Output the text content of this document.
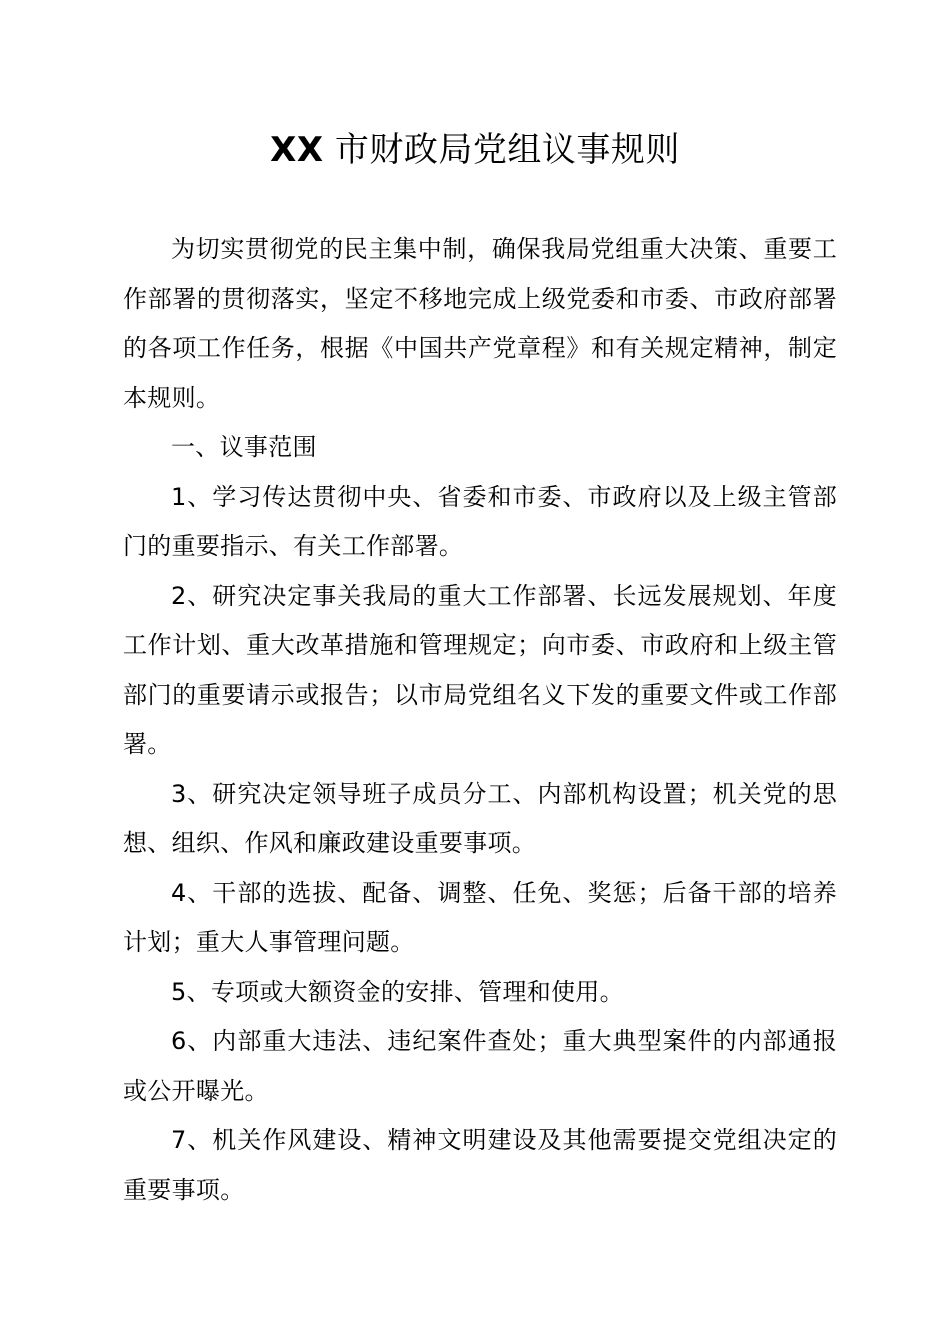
XX 市财政局党组议事规则

为切实贯彻党的民主集中制，确保我局党组重大决策、重要工作部署的贯彻落实，坚定不移地完成上级党委和市委、市政府部署的各项工作任务，根据《中国共产党章程》和有关规定精神，制定本规则。

一、议事范围

1、学习传达贯彻中央、省委和市委、市政府以及上级主管部门的重要指示、有关工作部署。

2、研究决定事关我局的重大工作部署、长远发展规划、年度工作计划、重大改革措施和管理规定；向市委、市政府和上级主管部门的重要请示或报告；以市局党组名义下发的重要文件或工作部署。

3、研究决定领导班子成员分工、内部机构设置；机关党的思想、组织、作风和廉政建设重要事项。

4、干部的选拔、配备、调整、任免、奖惩；后备干部的培养计划；重大人事管理问题。

5、专项或大额资金的安排、管理和使用。

6、内部重大违法、违纪案件查处；重大典型案件的内部通报或公开曝光。

7、机关作风建设、精神文明建设及其他需要提交党组决定的重要事项。
